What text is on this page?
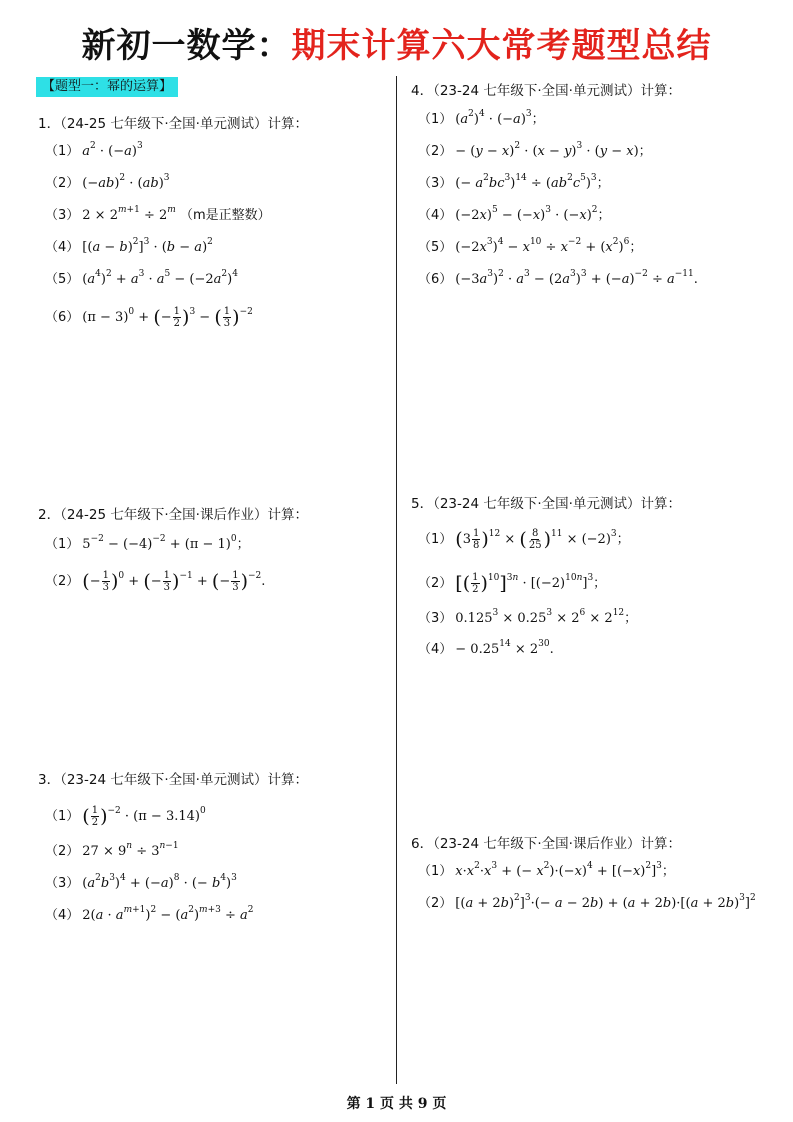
新初一数学：期末计算六大常考题型总结
【题型一：幂的运算】
1．（24-25 七年级下·全国·单元测试）计算：
（1） $a^2 \cdot (-a)^3$
（2） $(-ab)^2 \cdot (ab)^3$
（3） $2 \times 2^{m+1} \div 2^m$ （m是正整数）
（4） $[(a - b)^2]^3 \cdot (b - a)^2$
（5） $(a^4)^2 + a^3 \cdot a^5 - (-2a^2)^4$
（6） $(\pi - 3)^0$ + (− $\frac{1}{2} )^3$ − ( $\frac{1}{3} )^{-2}$
2．（24-25 七年级下·全国·课后作业）计算：
（1） $5^{-2} - (-4)^{-2} + (\pi - 1)^0$；
（2） (− $\frac{1}{3} )^0$ + (− $\frac{1}{3} )^{-1}$ + (− $\frac{1}{3} )^{-2}$.
3．（23-24 七年级下·全国·单元测试）计算：
（1） ( $\frac{1}{2} )^{-2} \cdot (\pi - 3.14)^0$
（2） $27 \times 9^n \div 3^{n-1}$
（3） $(a^2b^3)^4 + (-a)^8$ · (− $b^4)^3$
（4） $2(a \cdot a^{m+1})^2 - (a^2)^{m+3} \div a^2$
4．（23-24 七年级下·全国·单元测试）计算：
（1） $(a^2)^4 \cdot (-a)^3$；
$(2) - (y - x)^2 \cdot (x - y)^3 \cdot (y - x)$；
（3） (− $a^2bc^3)^{14} \div (ab^2c^5)^3$；
（4） $(-2x)^5 - (-x)^3 \cdot (-x)^2$；
（5） $(-2x^3)^4 - x^{10} \div x^{-2} + (x^2)^6$；
（6） $(-3a^3)^2 \cdot a^3 - (2a^3)^3 + (-a)^{-2} \div a^{-11}$.
5．（23-24 七年级下·全国·单元测试）计算：
（1） $(3 \frac{1}{8} )^{12}$ × ( $\frac{8}{25} )^{11} \times (-2)^3$；
（2） [( $\frac{1}{2} )^{10}]^{3n} \cdot [(-2)^{10n}]^3$；
（3） $0.125^3 \times 0.25^3 \times 2^6 \times 2^{12}$；
$(4) - 0.25^{14} \times 2^{30}$.
6．（23-24 七年级下·全国·课后作业）计算：
（1） $x\cdot x^2\cdot x^3$ + (− $x^2)\cdot(-x)^4 + [(-x)^2]^3$；
（2） $[(a + 2b)^2]^3\cdot(- a - 2b) + (a + 2b)\cdot[(a + 2b)^3]^2$
第 1 页 共 9 页
